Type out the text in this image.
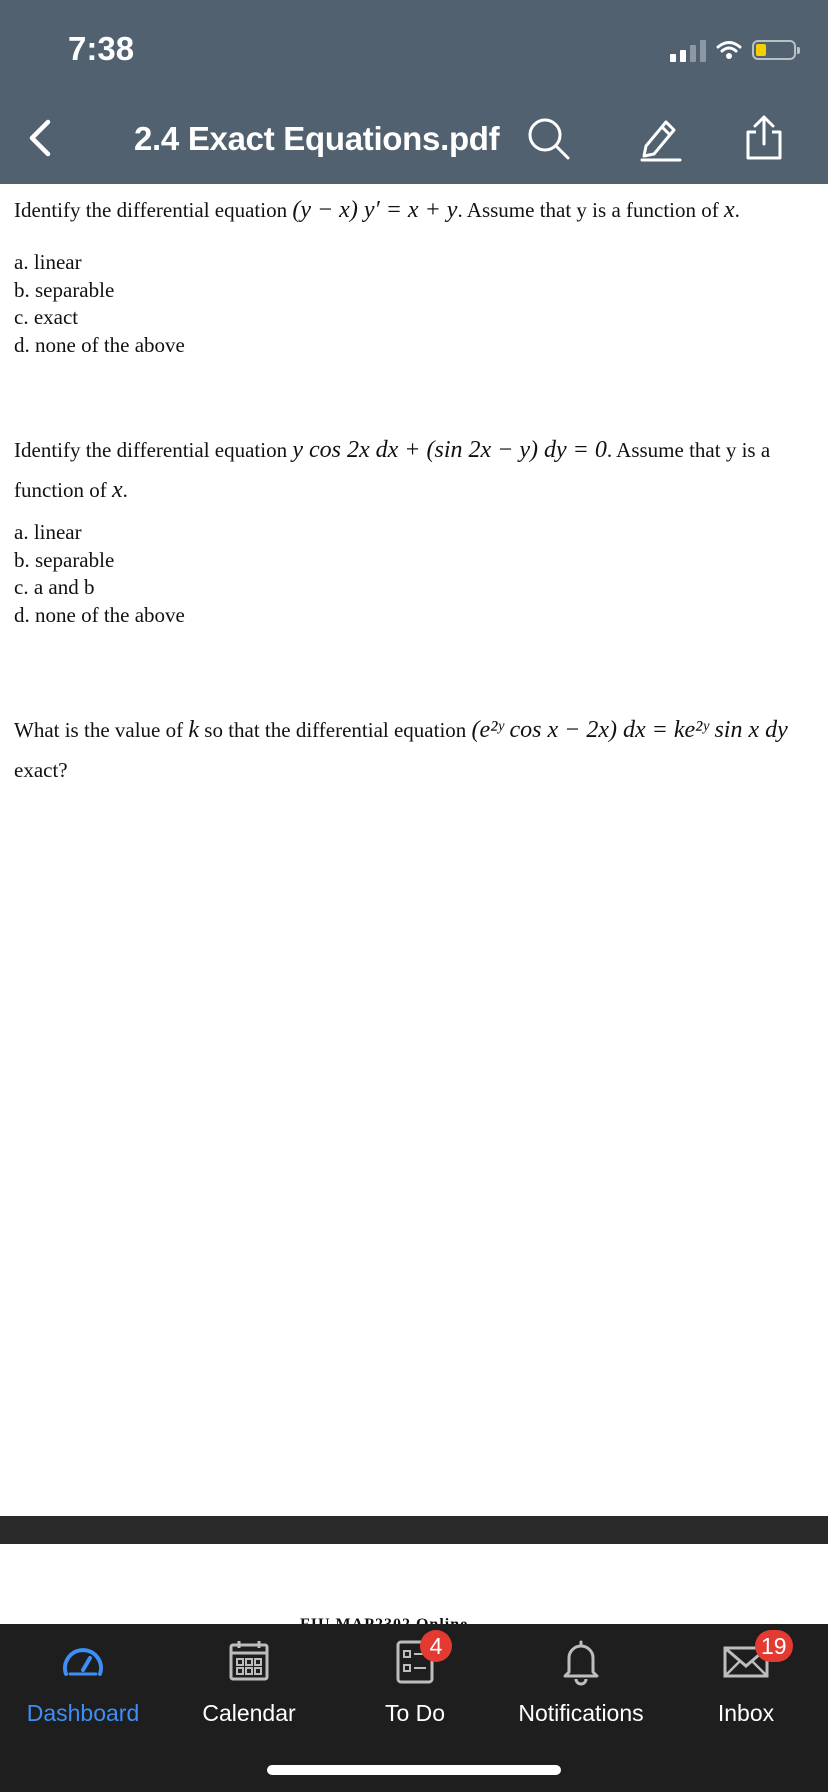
7:38
2.4 Exact Equations.pdf
Identify the differential equation (y − x) y′ = x + y. Assume that y is a function of x.
a. linear
b. separable
c. exact
d. none of the above
Identify the differential equation y cos 2x dx + (sin 2x − y) dy = 0. Assume that y is a
function of x.
a. linear
b. separable
c. a and b
d. none of the above
What is the value of k so that the differential equation (e²ʸ cos x − 2x) dx = ke²ʸ sin x dy
exact?
Dashboard	Calendar
4
To Do	Notifications
19
Inbox
